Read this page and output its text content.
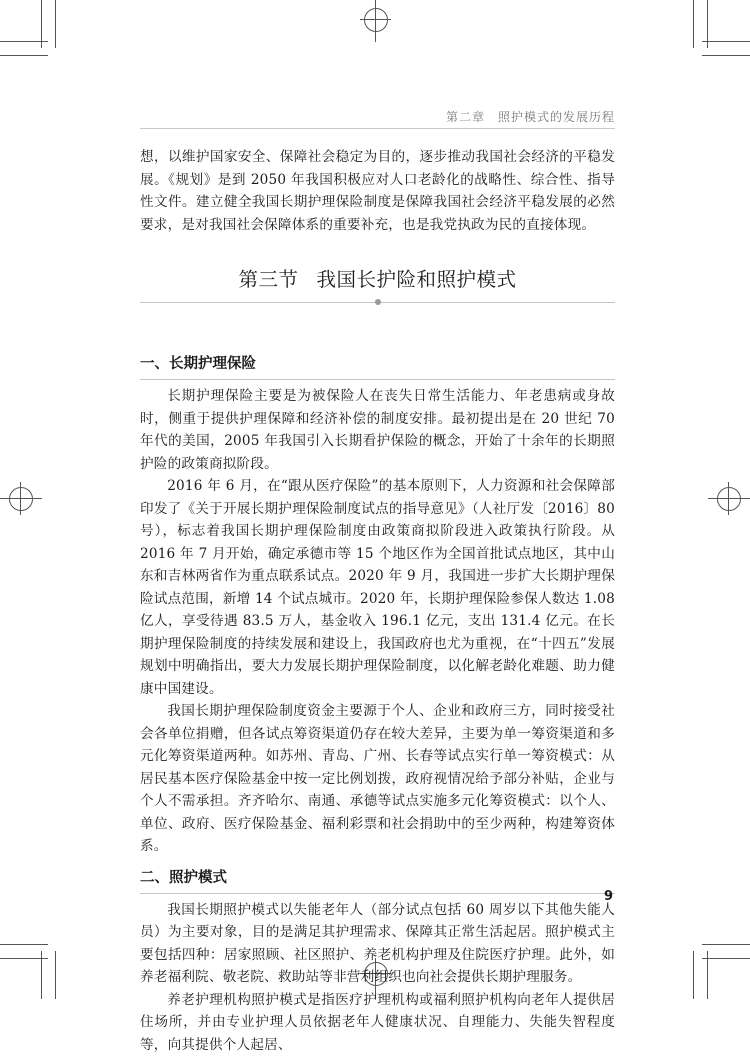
第二章　照护模式的发展历程

想，以维护国家安全、保障社会稳定为目的，逐步推动我国社会经济的平稳发展。《规划》是到 2050 年我国积极应对人口老龄化的战略性、综合性、指导性文件。建立健全我国长期护理保险制度是保障我国社会经济平稳发展的必然要求，是对我国社会保障体系的重要补充，也是我党执政为民的直接体现。

第三节 我国长护险和照护模式
一、长期护理保险

长期护理保险主要是为被保险人在丧失日常生活能力、年老患病或身故时，侧重于提供护理保障和经济补偿的制度安排。最初提出是在 20 世纪 70 年代的美国，2005 年我国引入长期看护保险的概念，开始了十余年的长期照护险的政策商拟阶段。

2016 年 6 月，在“跟从医疗保险”的基本原则下，人力资源和社会保障部印发了《关于开展长期护理保险制度试点的指导意见》（人社厅发〔2016〕80 号），标志着我国长期护理保险制度由政策商拟阶段进入政策执行阶段。从 2016 年 7 月开始，确定承德市等 15 个地区作为全国首批试点地区，其中山东和吉林两省作为重点联系试点。2020 年 9 月，我国进一步扩大长期护理保险试点范围，新增 14 个试点城市。2020 年，长期护理保险参保人数达 1.08 亿人，享受待遇 83.5 万人，基金收入 196.1 亿元，支出 131.4 亿元。在长期护理保险制度的持续发展和建设上，我国政府也尤为重视，在“十四五”发展规划中明确指出，要大力发展长期护理保险制度，以化解老龄化难题、助力健康中国建设。

我国长期护理保险制度资金主要源于个人、企业和政府三方，同时接受社会各单位捐赠，但各试点筹资渠道仍存在较大差异，主要为单一筹资渠道和多元化筹资渠道两种。如苏州、青岛、广州、长春等试点实行单一筹资模式：从居民基本医疗保险基金中按一定比例划拨，政府视情况给予部分补贴，企业与个人不需承担。齐齐哈尔、南通、承德等试点实施多元化筹资模式：以个人、单位、政府、医疗保险基金、福利彩票和社会捐助中的至少两种，构建筹资体系。

二、照护模式

我国长期照护模式以失能老年人（部分试点包括 60 周岁以下其他失能人员）为主要对象，目的是满足其护理需求、保障其正常生活起居。照护模式主要包括四种：居家照顾、社区照护、养老机构护理及住院医疗护理。此外，如养老福利院、敬老院、救助站等非营利组织也向社会提供长期护理服务。

养老护理机构照护模式是指医疗护理机构或福利照护机构向老年人提供居住场所，并由专业护理人员依据老年人健康状况、自理能力、失能失智程度等，向其提供个人起居、

9
